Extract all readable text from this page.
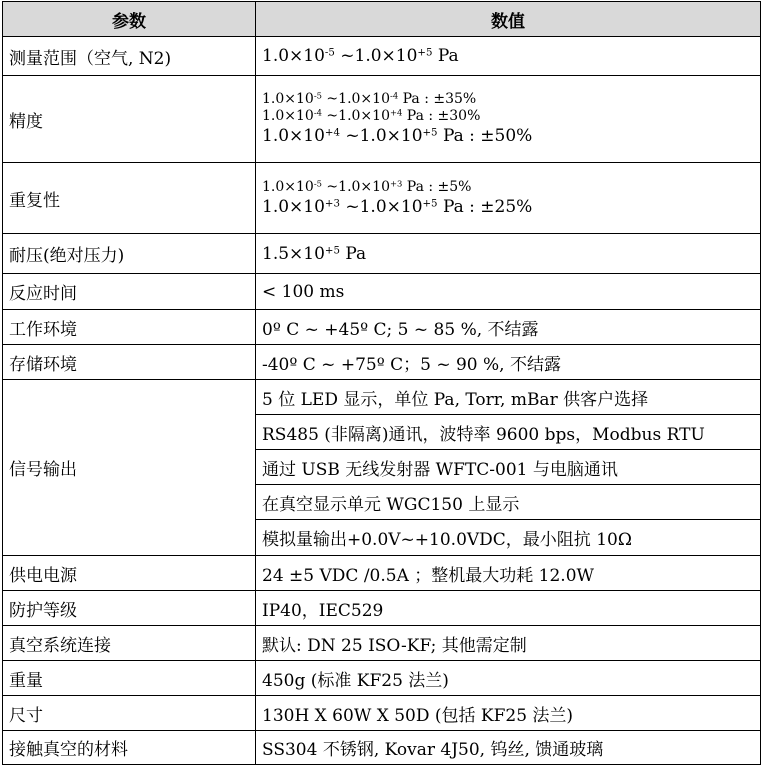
参数	数值
测量范围（空气, N2)	$1.0\times 10^{-5}$ $\sim 1.0\times 10^{+5}$ Pa
精度	$1.0\times 10^{-5}$ $\sim 1.0\times 10^{-4}$ Pa : ±35%
$1.0\times 10^{-4}$ $\sim 1.0\times 10^{+4}$ Pa : ±30%
$1.0\times 10^{+4}$ $\sim 1.0\times 10^{+5}$ Pa : ±50%

重复性	$1.0\times 10^{-5}$ $\sim 1.0\times 10^{+3}$ Pa : ±5%
$1.0\times 10^{+3}$ $\sim 1.0\times 10^{+5}$ Pa : ±25%

耐压(绝对压力)	$1.5\times 10^{+5}$ Pa
反应时间	< 100 ms
工作环境	0º C ~ +45º C; 5 ~ 85 %, 不结露
存储环境	-40º C ~ +75º C；5 ~ 90 %, 不结露
信号输出	5 位 LED 显示，单位 Pa, Torr, mBar 供客户选择
	RS485 (非隔离)通讯，波特率 9600 bps，Modbus RTU
	通过 USB 无线发射器 WFTC-001 与电脑通讯
	在真空显示单元 WGC150 上显示
	模拟量输出+0.0V~+10.0VDC，最小阻抗 10Ω
供电电源	24 ±5 VDC /0.5A ；整机最大功耗 12.0W
防护等级	IP40，IEC529
真空系统连接	默认: DN 25 ISO-KF; 其他需定制
重量	450g (标准 KF25 法兰)
尺寸	130H X 60W X 50D (包括 KF25 法兰)
接触真空的材料	SS304 不锈钢, Kovar 4J50, 钨丝, 馈通玻璃
